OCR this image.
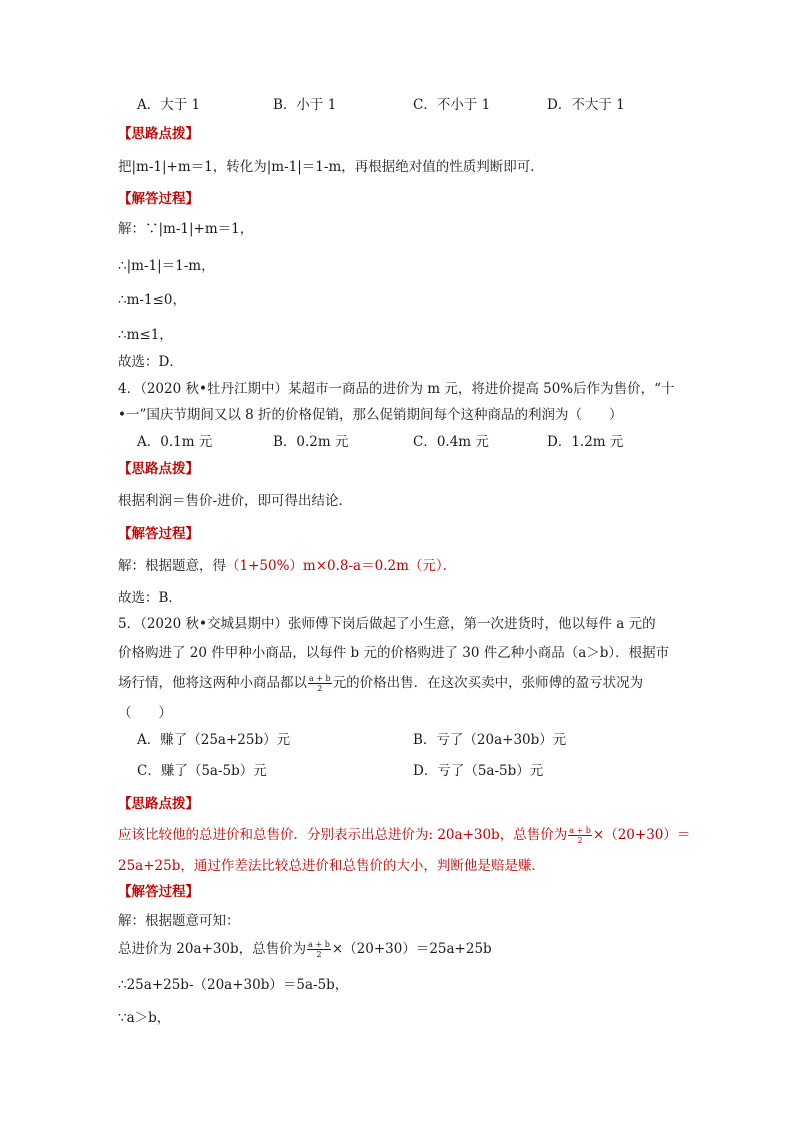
A．大于 1	B．小于 1	C．不小于 1	D．不大于 1
【思路点拨】
把|m-1|+m＝1，转化为|m-1|＝1-m，再根据绝对值的性质判断即可．
【解答过程】
解：∵|m-1|+m＝1，
∴|m-1|＝1-m，
∴m-1≤0，
∴m≤1，
故选：D．
4．（2020 秋•牡丹江期中）某超市一商品的进价为 m 元，将进价提高 50%后作为售价，“十
•一”国庆节期间又以 8 折的价格促销，那么促销期间每个这种商品的利润为（　　）
A．0.1m 元	B．0.2m 元	C．0.4m 元	D．1.2m 元
【思路点拨】
根据利润＝售价-进价，即可得出结论．
【解答过程】
解：根据题意，得（1+50%）m×0.8-a＝0.2m（元）．
故选：B．
5．（2020 秋•交城县期中）张师傅下岗后做起了小生意，第一次进货时，他以每件 a 元的
价格购进了 20 件甲种小商品，以每件 b 元的价格购进了 30 件乙种小商品（a＞b）．根据市
场行情，他将这两种小商品都以 $\frac{a + b}{2}$ 元的价格出售．在这次买卖中，张师傅的盈亏状况为
（　　）
A．赚了（25a+25b）元	B．亏了（20a+30b）元
C．赚了（5a-5b）元	D．亏了（5a-5b）元
【思路点拨】
应该比较他的总进价和总售价．分别表示出总进价为: 20a+30b，总售价为 $\frac{a + b}{2} \times(20+30)=$
25a+25b，通过作差法比较总进价和总售价的大小，判断他是赔是赚．
【解答过程】
解：根据题意可知：
总进价为 20a+30b，总售价为 $\frac{a + b}{2} \times(20+30)=25a+25b$
∴25a+25b-（20a+30b）＝5a-5b，
∵a＞b，
